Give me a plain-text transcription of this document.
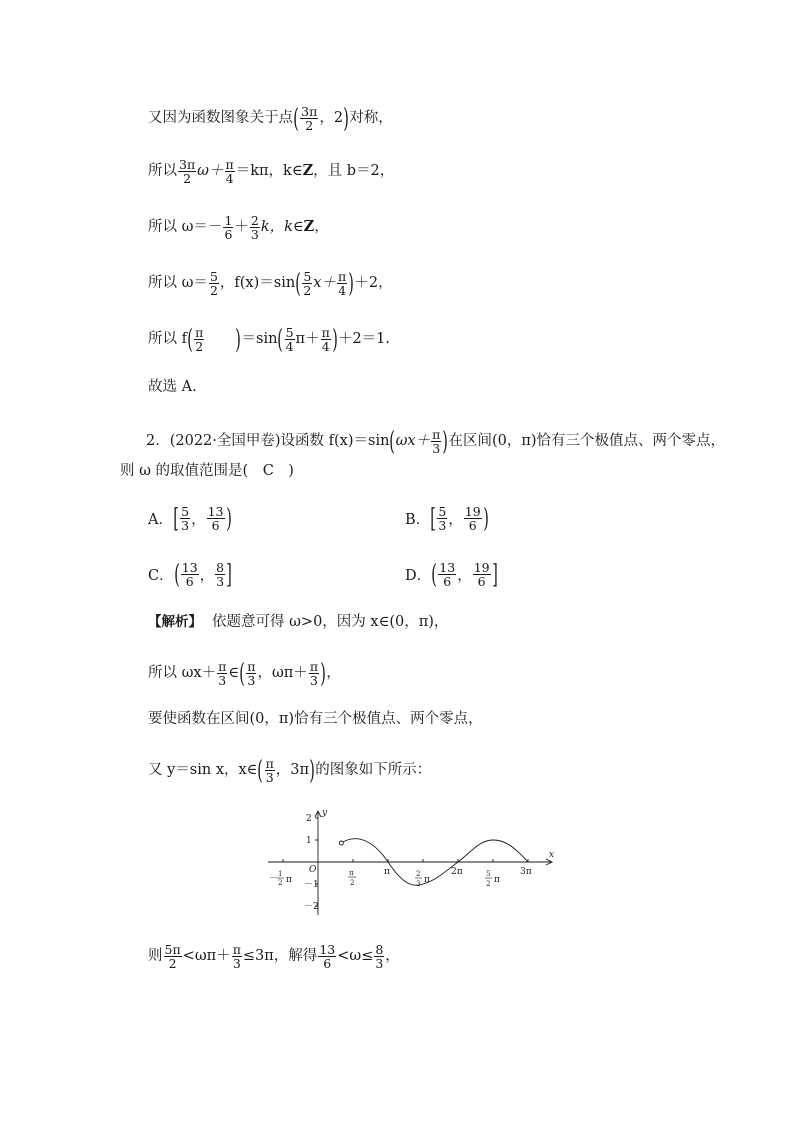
又因为函数图象关于点 ( $\frac{3\pi}{2}$ ，2 ) 对称，
所以 $\frac{3\pi}{2} \omega+ \frac{\pi}{4} =k\pi$，k∈ Z ，且 b＝2，
所以 $\omega=- \frac{1}{6} + \frac{2}{3}$ k，k∈ Z ，
所以 $\omega= \frac{5}{2}$ ，f(x)＝sin ( $\frac{5}{2} x+ \frac{\pi}{4}$ ) ＋2，
所以 f ( $\frac{\pi}{2}$ ) ＝sin ( $\frac{5}{4} \pi+ \frac{\pi}{4}$ ) ＋2＝1.
故选 A.
2．(2022·全国甲卷)设函数 f(x)＝sin ( $\omega x+ \frac{\pi}{3}$ ) 在区间(0，π)恰有三个极值点、两个零点，
则 ω 的取值范围是(　C　)
A． [ $\frac{5}{3}$ ， $\frac{13}{6}$ )	B． [ $\frac{5}{3}$ ， $\frac{19}{6}$ )
C． ( $\frac{13}{6}$ ， $\frac{8}{3}$ ]	D． ( $\frac{13}{6}$ ， $\frac{19}{6}$ ]
【解析】 依题意可得 ω>0，因为 x∈(0，π)，
所以 $\omega x+ \frac{\pi}{3}$ ∈ ( $\frac{\pi}{3}$ ，$\omega\pi+ \frac{\pi}{3}$ ) ，
要使函数在区间(0，π)恰有三个极值点、两个零点，
又 y＝sin x，x∈ ( $\frac{\pi}{3}$ ，3π ) 的图象如下所示：
y
x
O
2
1
－1
－2
－ 1
2 π
π
2
π	2
3 π
2π	5
2 π
3π
则 $\frac{5\pi}{2} <\omega\pi+ \frac{\pi}{3} \le 3\pi$，解得 $\frac{13}{6} <\omega\le \frac{8}{3}$ ，
